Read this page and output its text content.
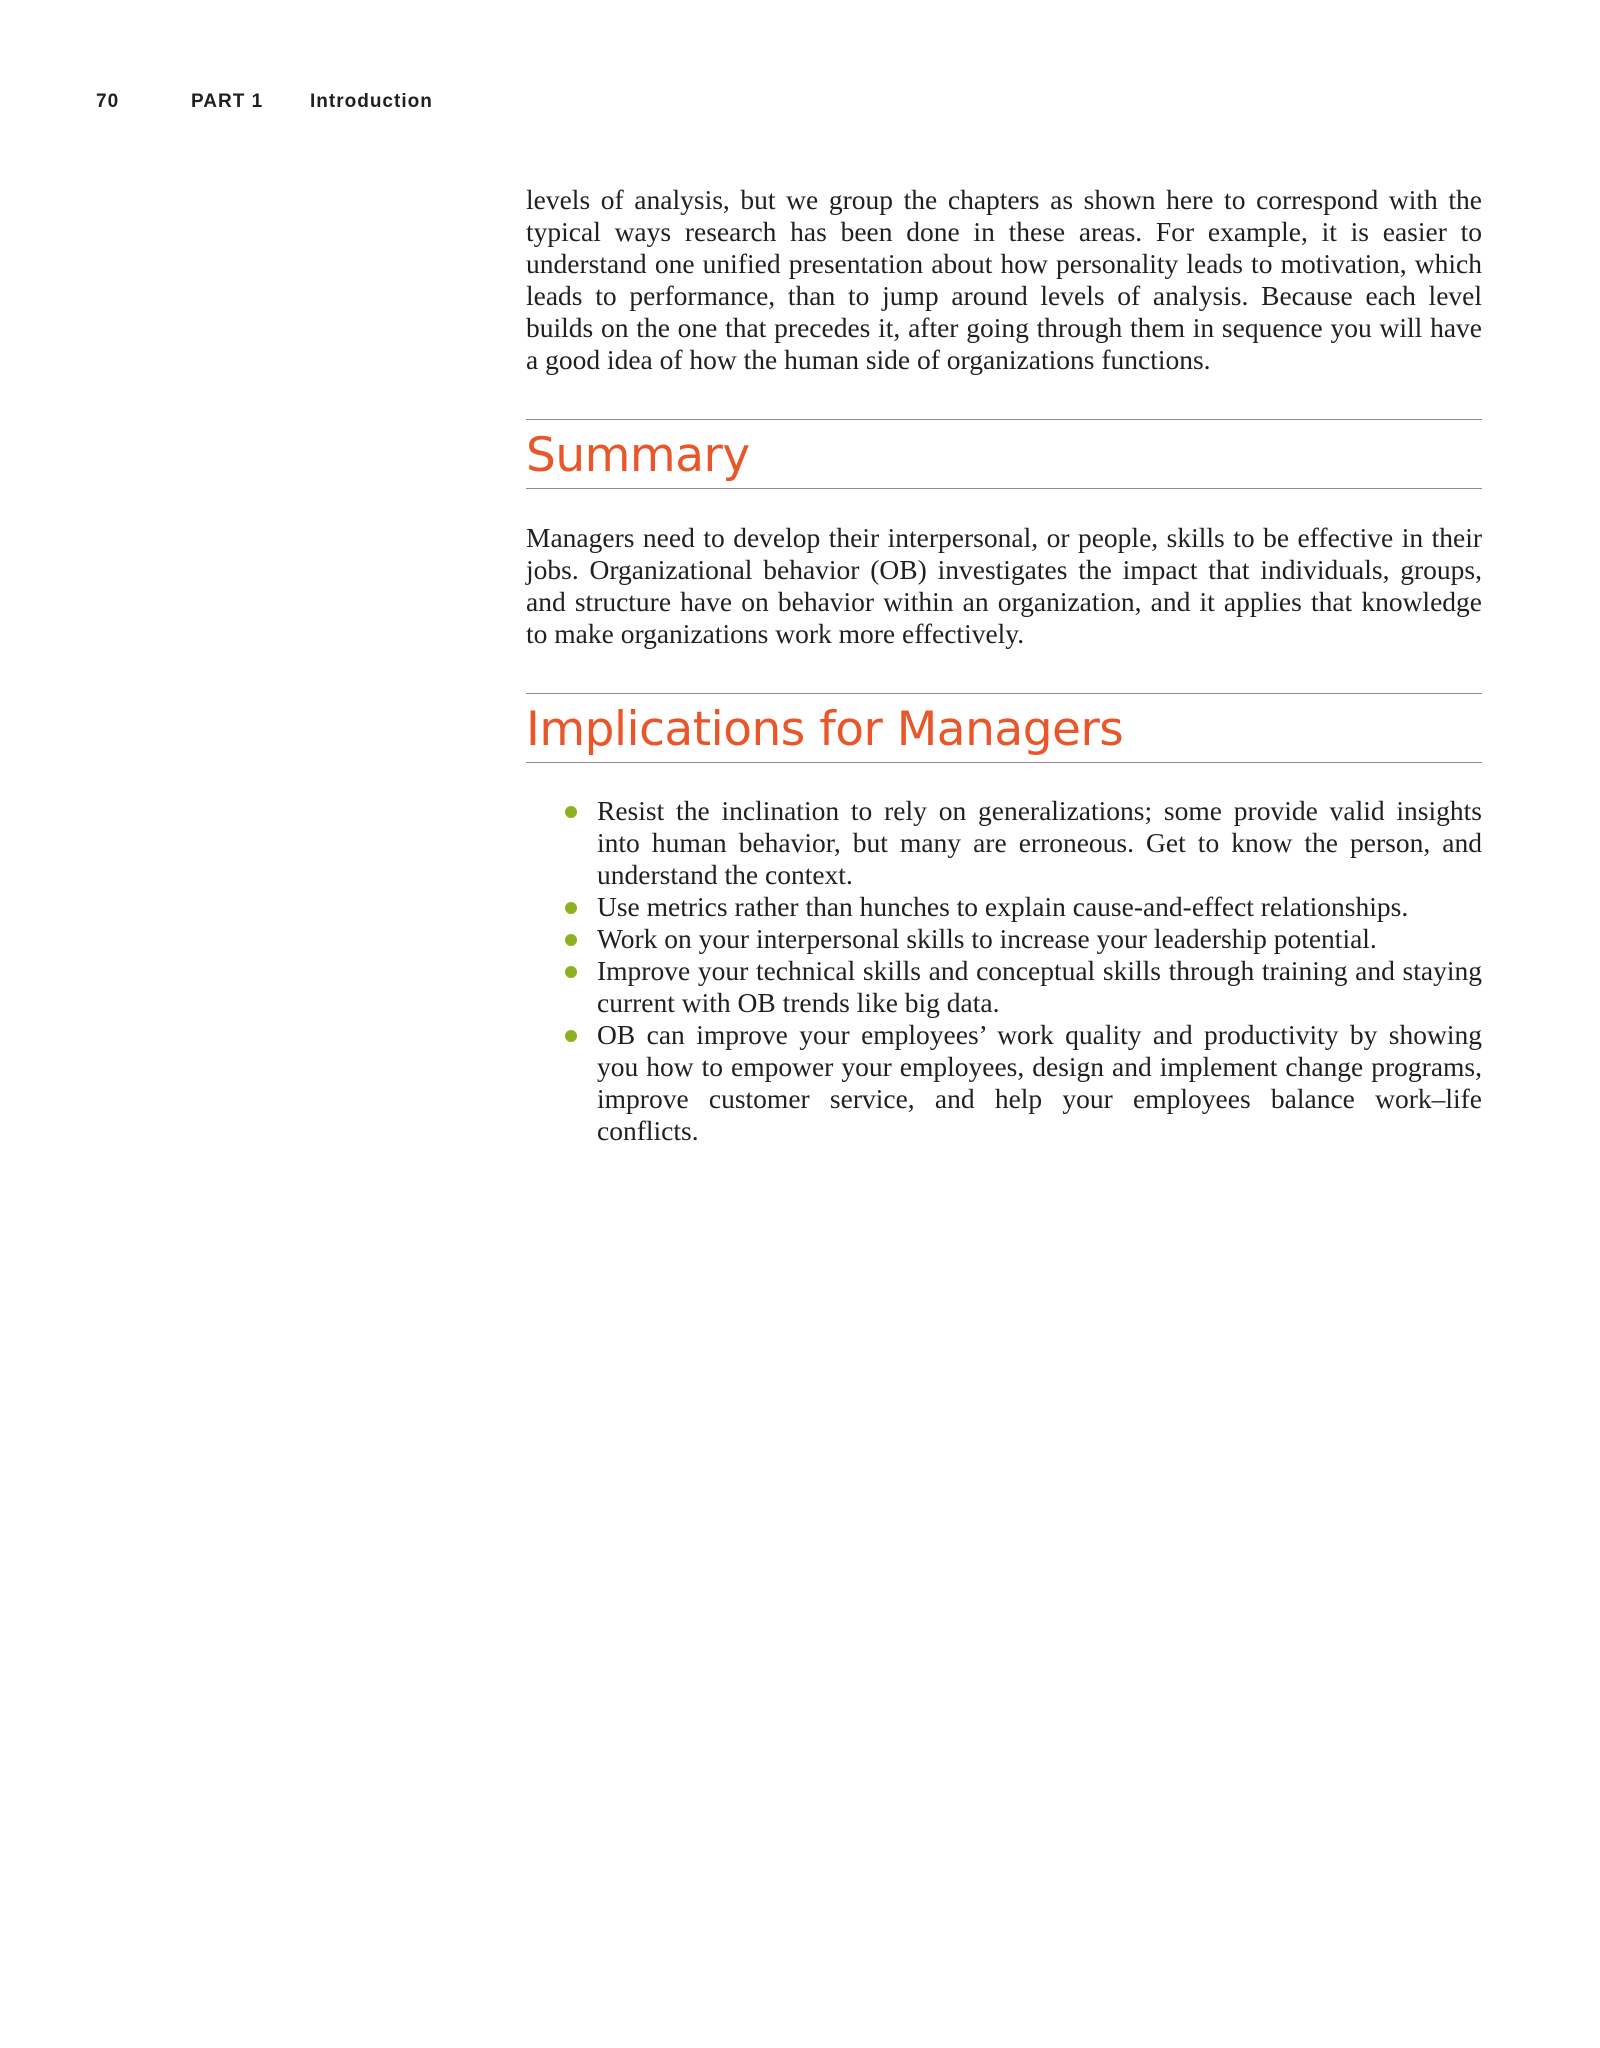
70	PART 1 Introduction

levels of analysis, but we group the chapters as shown here to correspond with the typical ways research has been done in these areas. For example, it is easier to understand one unified presentation about how personality leads to motivation, which leads to performance, than to jump around levels of analysis. Because each level builds on the one that precedes it, after going through them in sequence you will have a good idea of how the human side of organizations functions.

Summary

Managers need to develop their interpersonal, or people, skills to be effective in their jobs. Organizational behavior (OB) investigates the impact that individuals, groups, and structure have on behavior within an organization, and it applies that knowledge to make organizations work more effectively.

Implications for Managers
Resist the inclination to rely on generalizations; some provide valid insights into human behavior, but many are erroneous. Get to know the person, and understand the context.
Use metrics rather than hunches to explain cause-and-effect relationships.
Work on your interpersonal skills to increase your leadership potential.
Improve your technical skills and conceptual skills through training and staying current with OB trends like big data.
OB can improve your employees’ work quality and productivity by showing you how to empower your employees, design and implement change programs, improve customer service, and help your employees balance work–life conflicts.
